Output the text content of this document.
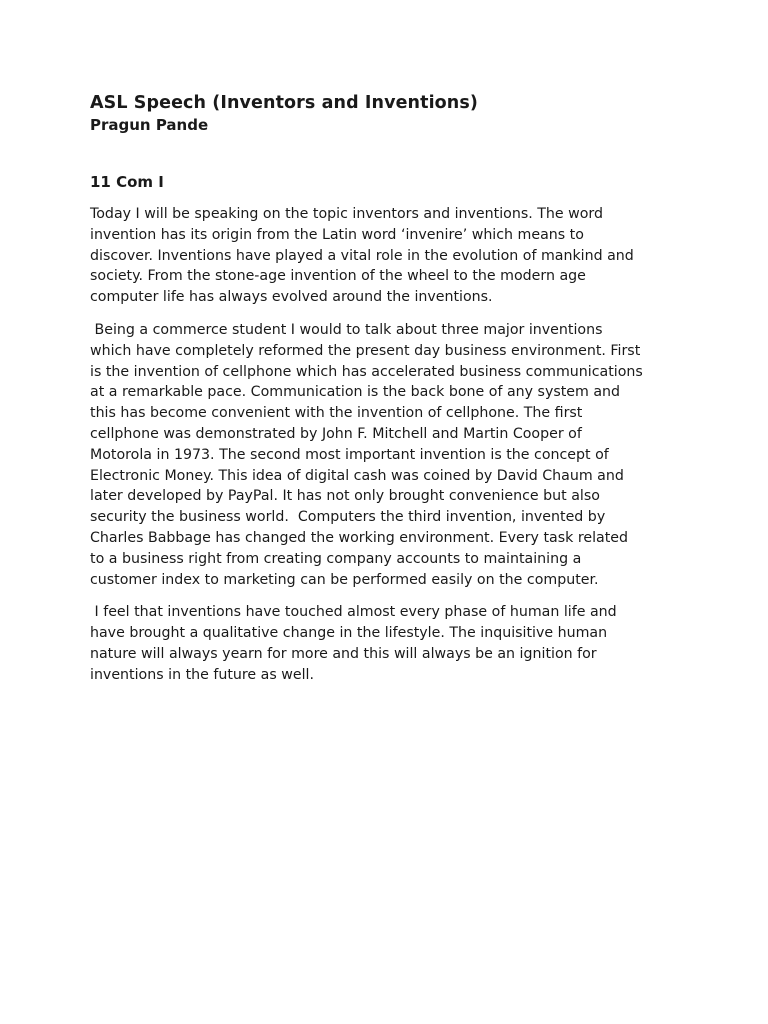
ASL Speech (Inventors and Inventions)

Pragun Pande

11 Com I

Today I will be speaking on the topic inventors and inventions. The word
invention has its origin from the Latin word ‘invenire’ which means to
discover. Inventions have played a vital role in the evolution of mankind and
society. From the stone-age invention of the wheel to the modern age
computer life has always evolved around the inventions.

Being a commerce student I would to talk about three major inventions
which have completely reformed the present day business environment. First
is the invention of cellphone which has accelerated business communications
at a remarkable pace. Communication is the back bone of any system and
this has become convenient with the invention of cellphone. The first
cellphone was demonstrated by John F. Mitchell and Martin Cooper of
Motorola in 1973. The second most important invention is the concept of
Electronic Money. This idea of digital cash was coined by David Chaum and
later developed by PayPal. It has not only brought convenience but also
security the business world.  Computers the third invention, invented by
Charles Babbage has changed the working environment. Every task related
to a business right from creating company accounts to maintaining a
customer index to marketing can be performed easily on the computer.

I feel that inventions have touched almost every phase of human life and
have brought a qualitative change in the lifestyle. The inquisitive human
nature will always yearn for more and this will always be an ignition for
inventions in the future as well.
